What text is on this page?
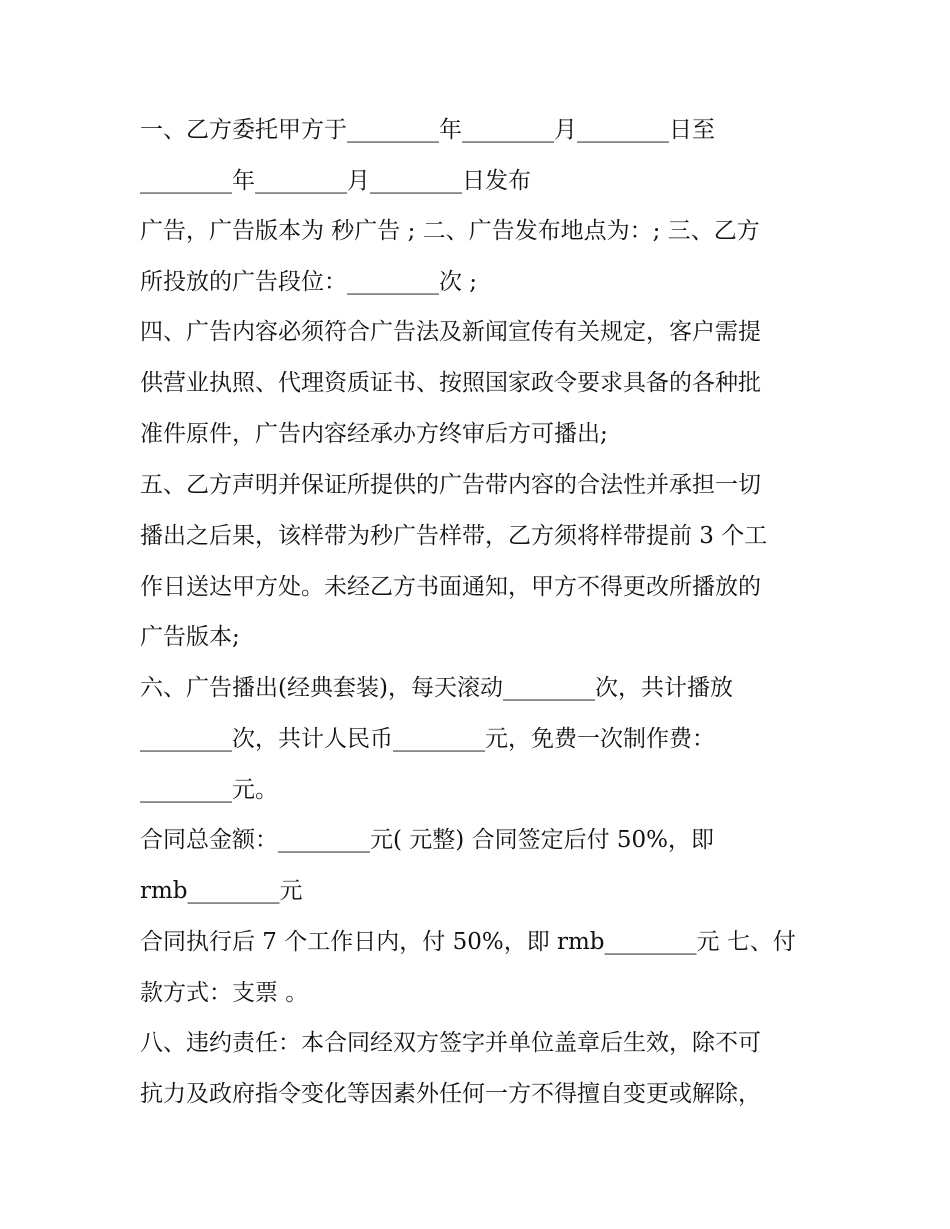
一、乙方委托甲方于________年________月________日至
________年________月________日发布
广告，广告版本为 秒广告 ; 二、广告发布地点为：; 三、乙方
所投放的广告段位：________次 ;
四、广告内容必须符合广告法及新闻宣传有关规定，客户需提
供营业执照、代理资质证书、按照国家政令要求具备的各种批
准件原件，广告内容经承办方终审后方可播出;
五、乙方声明并保证所提供的广告带内容的合法性并承担一切
播出之后果，该样带为秒广告样带，乙方须将样带提前 3 个工
作日送达甲方处。未经乙方书面通知，甲方不得更改所播放的
广告版本;
六、广告播出(经典套装)，每天滚动________次，共计播放
________次，共计人民币________元，免费一次制作费：
________元。
合同总金额：________元( 元整) 合同签定后付 50%，即
rmb________元
合同执行后 7 个工作日内，付 50%，即 rmb________元 七、付
款方式：支票 。
八、违约责任：本合同经双方签字并单位盖章后生效，除不可
抗力及政府指令变化等因素外任何一方不得擅自变更或解除，
